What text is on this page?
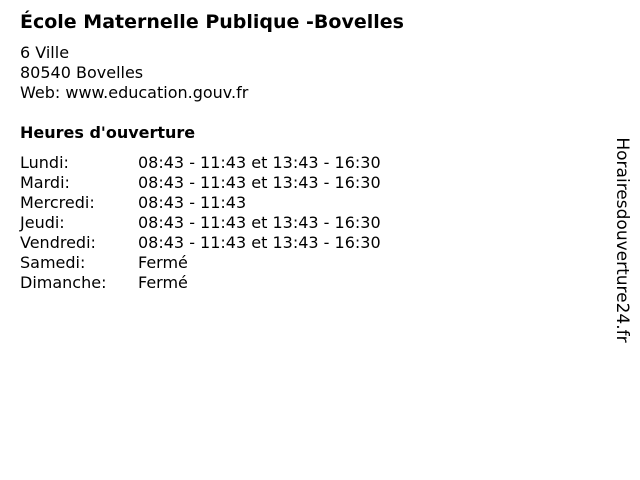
École Maternelle Publique -Bovelles
6 Ville
80540 Bovelles
Web: www.education.gouv.fr
Heures d'ouverture
Lundi:	08:43 - 11:43 et 13:43 - 16:30
Mardi:	08:43 - 11:43 et 13:43 - 16:30
Mercredi:	08:43 - 11:43
Jeudi:	08:43 - 11:43 et 13:43 - 16:30
Vendredi:	08:43 - 11:43 et 13:43 - 16:30
Samedi:	Fermé
Dimanche: Fermé	Horairesdouverture24.fr
